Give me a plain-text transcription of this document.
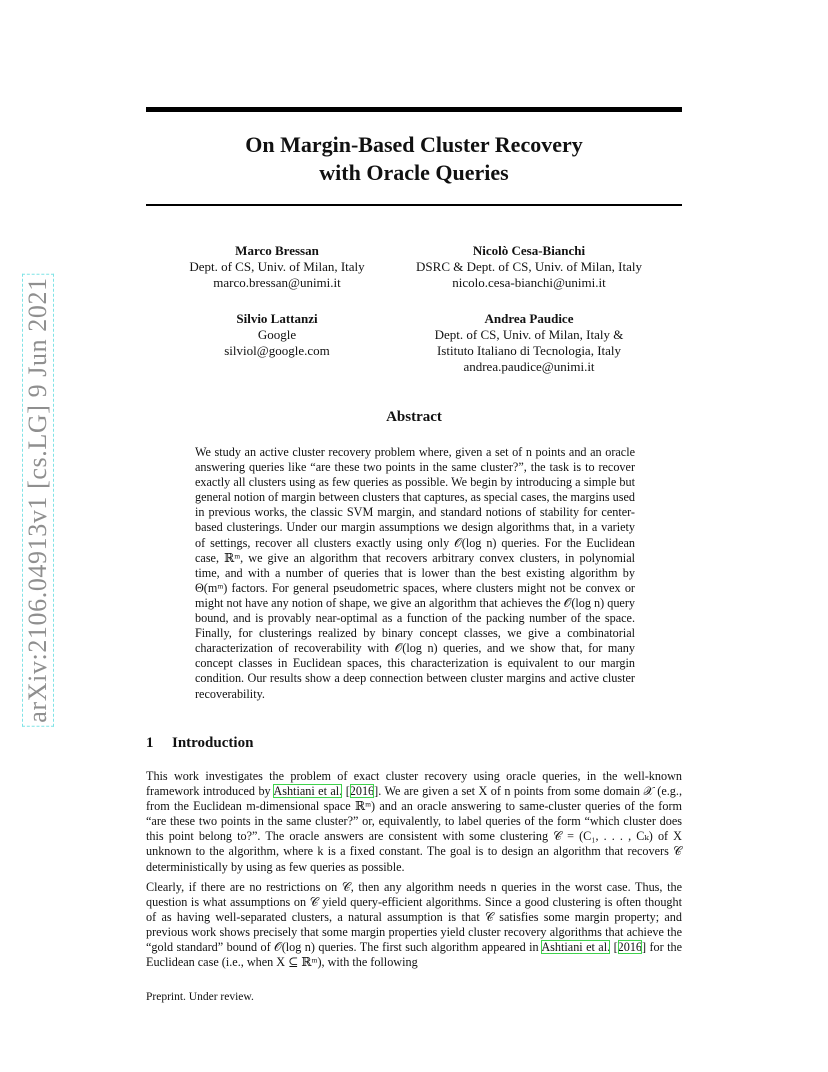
arXiv:2106.04913v1 [cs.LG] 9 Jun 2021
On Margin-Based Cluster Recovery
with Oracle Queries
Marco Bressan
Dept. of CS, Univ. of Milan, Italy
marco.bressan@unimi.it
Nicolò Cesa-Bianchi
DSRC & Dept. of CS, Univ. of Milan, Italy
nicolo.cesa-bianchi@unimi.it
Silvio Lattanzi
Google
silviol@google.com
Andrea Paudice
Dept. of CS, Univ. of Milan, Italy &
Istituto Italiano di Tecnologia, Italy
andrea.paudice@unimi.it
Abstract
We study an active cluster recovery problem where, given a set of n points and an oracle answering queries like “are these two points in the same cluster?”, the task is to recover exactly all clusters using as few queries as possible. We begin by introducing a simple but general notion of margin between clusters that captures, as special cases, the margins used in previous works, the classic SVM margin, and standard notions of stability for center-based clusterings. Under our margin assumptions we design algorithms that, in a variety of settings, recover all clusters exactly using only 𝒪(log n) queries. For the Euclidean case, ℝᵐ, we give an algorithm that recovers arbitrary convex clusters, in polynomial time, and with a number of queries that is lower than the best existing algorithm by Θ(mᵐ) factors. For general pseudometric spaces, where clusters might not be convex or might not have any notion of shape, we give an algorithm that achieves the 𝒪(log n) query bound, and is provably near-optimal as a function of the packing number of the space. Finally, for clusterings realized by binary concept classes, we give a combinatorial characterization of recoverability with 𝒪(log n) queries, and we show that, for many concept classes in Euclidean spaces, this characterization is equivalent to our margin condition. Our results show a deep connection between cluster margins and active cluster recoverability.
1 Introduction
This work investigates the problem of exact cluster recovery using oracle queries, in the well-known framework introduced by Ashtiani et al. [2016]. We are given a set X of n points from some domain 𝒳 (e.g., from the Euclidean m-dimensional space ℝᵐ) and an oracle answering to same-cluster queries of the form “are these two points in the same cluster?” or, equivalently, to label queries of the form “which cluster does this point belong to?”. The oracle answers are consistent with some clustering 𝒞 = (C₁, . . . , Cₖ) of X unknown to the algorithm, where k is a fixed constant. The goal is to design an algorithm that recovers 𝒞 deterministically by using as few queries as possible.
Clearly, if there are no restrictions on 𝒞, then any algorithm needs n queries in the worst case. Thus, the question is what assumptions on 𝒞 yield query-efficient algorithms. Since a good clustering is often thought of as having well-separated clusters, a natural assumption is that 𝒞 satisfies some margin property; and previous work shows precisely that some margin properties yield cluster recovery algorithms that achieve the “gold standard” bound of 𝒪(log n) queries. The first such algorithm appeared in Ashtiani et al. [2016] for the Euclidean case (i.e., when X ⊆ ℝᵐ), with the following
Preprint. Under review.
